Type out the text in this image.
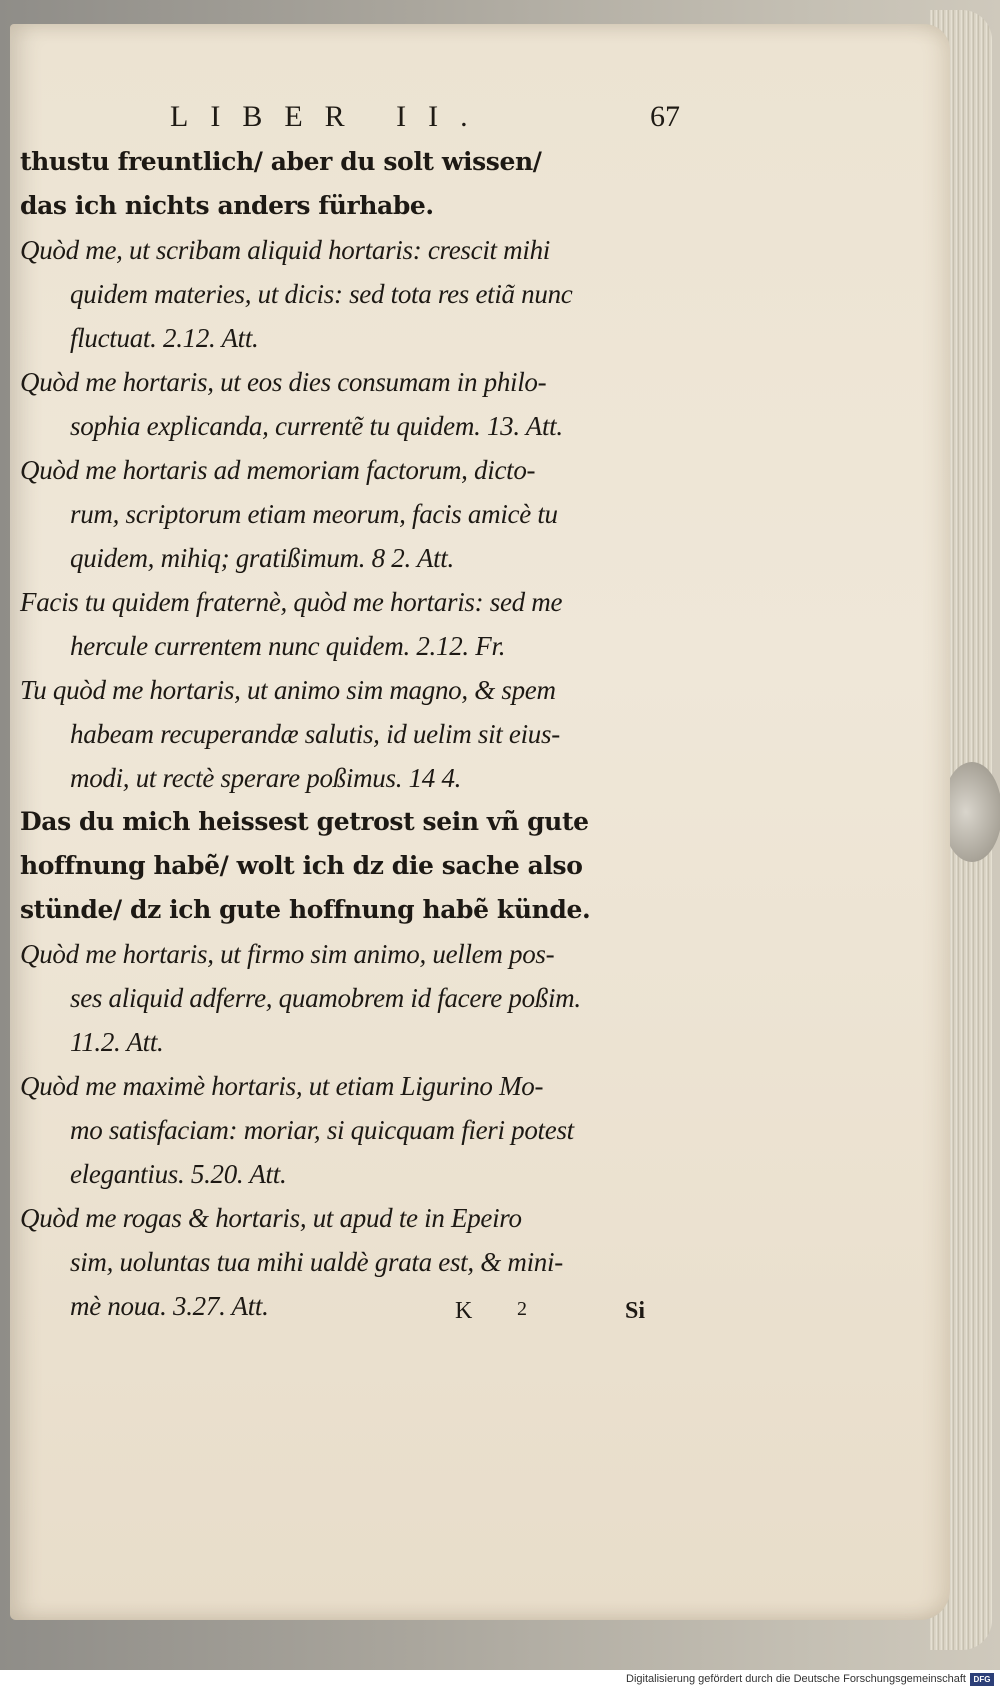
LIBER II.	67
thustu freuntlich/ aber du solt wissen/
das ich nichts anders fürhabe.
Quòd me, ut scribam aliquid hortaris: crescit mihi
quidem materies, ut dicis: sed tota res etiã nunc
fluctuat. 2.12. Att.
Quòd me hortaris, ut eos dies consumam in philo-
sophia explicanda, currentẽ tu quidem. 13. Att.
Quòd me hortaris ad memoriam factorum, dicto-
rum, scriptorum etiam meorum, facis amicè tu
quidem, mihiq; gratißimum. 8 2. Att.
Facis tu quidem fraternè, quòd me hortaris: sed me
hercule currentem nunc quidem. 2.12. Fr.
Tu quòd me hortaris, ut animo sim magno, & spem
habeam recuperandæ salutis, id uelim sit eius-
modi, ut rectè sperare poßimus. 14 4.
Das du mich heissest getrost sein vñ gute
hoffnung habẽ/ wolt ich dz die sache also
stünde/ dz ich gute hoffnung habẽ künde.
Quòd me hortaris, ut firmo sim animo, uellem pos-
ses aliquid adferre, quamobrem id facere poßim.
11.2. Att.
Quòd me maximè hortaris, ut etiam Ligurino Mo-
mo satisfaciam: moriar, si quicquam fieri potest
elegantius. 5.20. Att.
Quòd me rogas & hortaris, ut apud te in Epeiro
sim, uoluntas tua mihi ualdè grata est, & mini-
mè noua. 3.27. Att.	K 2	Si
Digitalisierung gefördert durch die Deutsche Forschungsgemeinschaft DFG
